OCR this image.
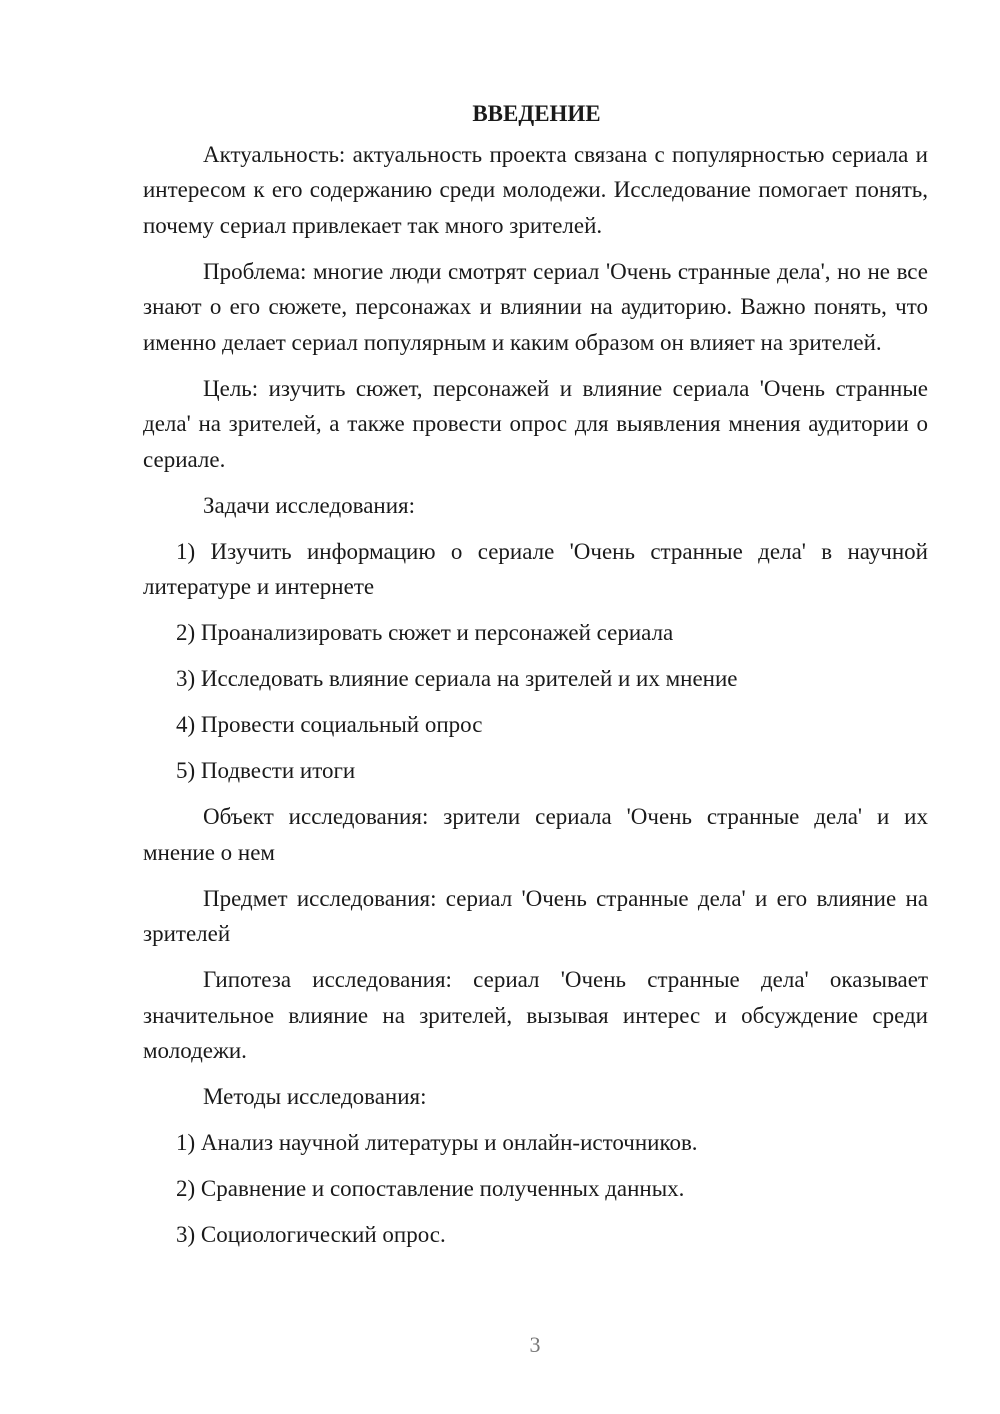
ВВЕДЕНИЕ

Актуальность: актуальность проекта связана с популярностью сериала и интересом к его содержанию среди молодежи. Исследование помогает понять, почему сериал привлекает так много зрителей.

Проблема: многие люди смотрят сериал 'Очень странные дела', но не все знают о его сюжете, персонажах и влиянии на аудиторию. Важно понять, что именно делает сериал популярным и каким образом он влияет на зрителей.

Цель: изучить сюжет, персонажей и влияние сериала 'Очень странные дела' на зрителей, а также провести опрос для выявления мнения аудитории о сериале.

Задачи исследования:

1) Изучить информацию о сериале 'Очень странные дела' в научной литературе и интернете

2) Проанализировать сюжет и персонажей сериала

3) Исследовать влияние сериала на зрителей и их мнение

4) Провести социальный опрос

5) Подвести итоги

Объект исследования: зрители сериала 'Очень странные дела' и их мнение о нем

Предмет исследования: сериал 'Очень странные дела' и его влияние на зрителей

Гипотеза исследования: сериал 'Очень странные дела' оказывает значительное влияние на зрителей, вызывая интерес и обсуждение среди молодежи.

Методы исследования:

1) Анализ научной литературы и онлайн-источников.

2) Сравнение и сопоставление полученных данных.

3) Социологический опрос.

3
